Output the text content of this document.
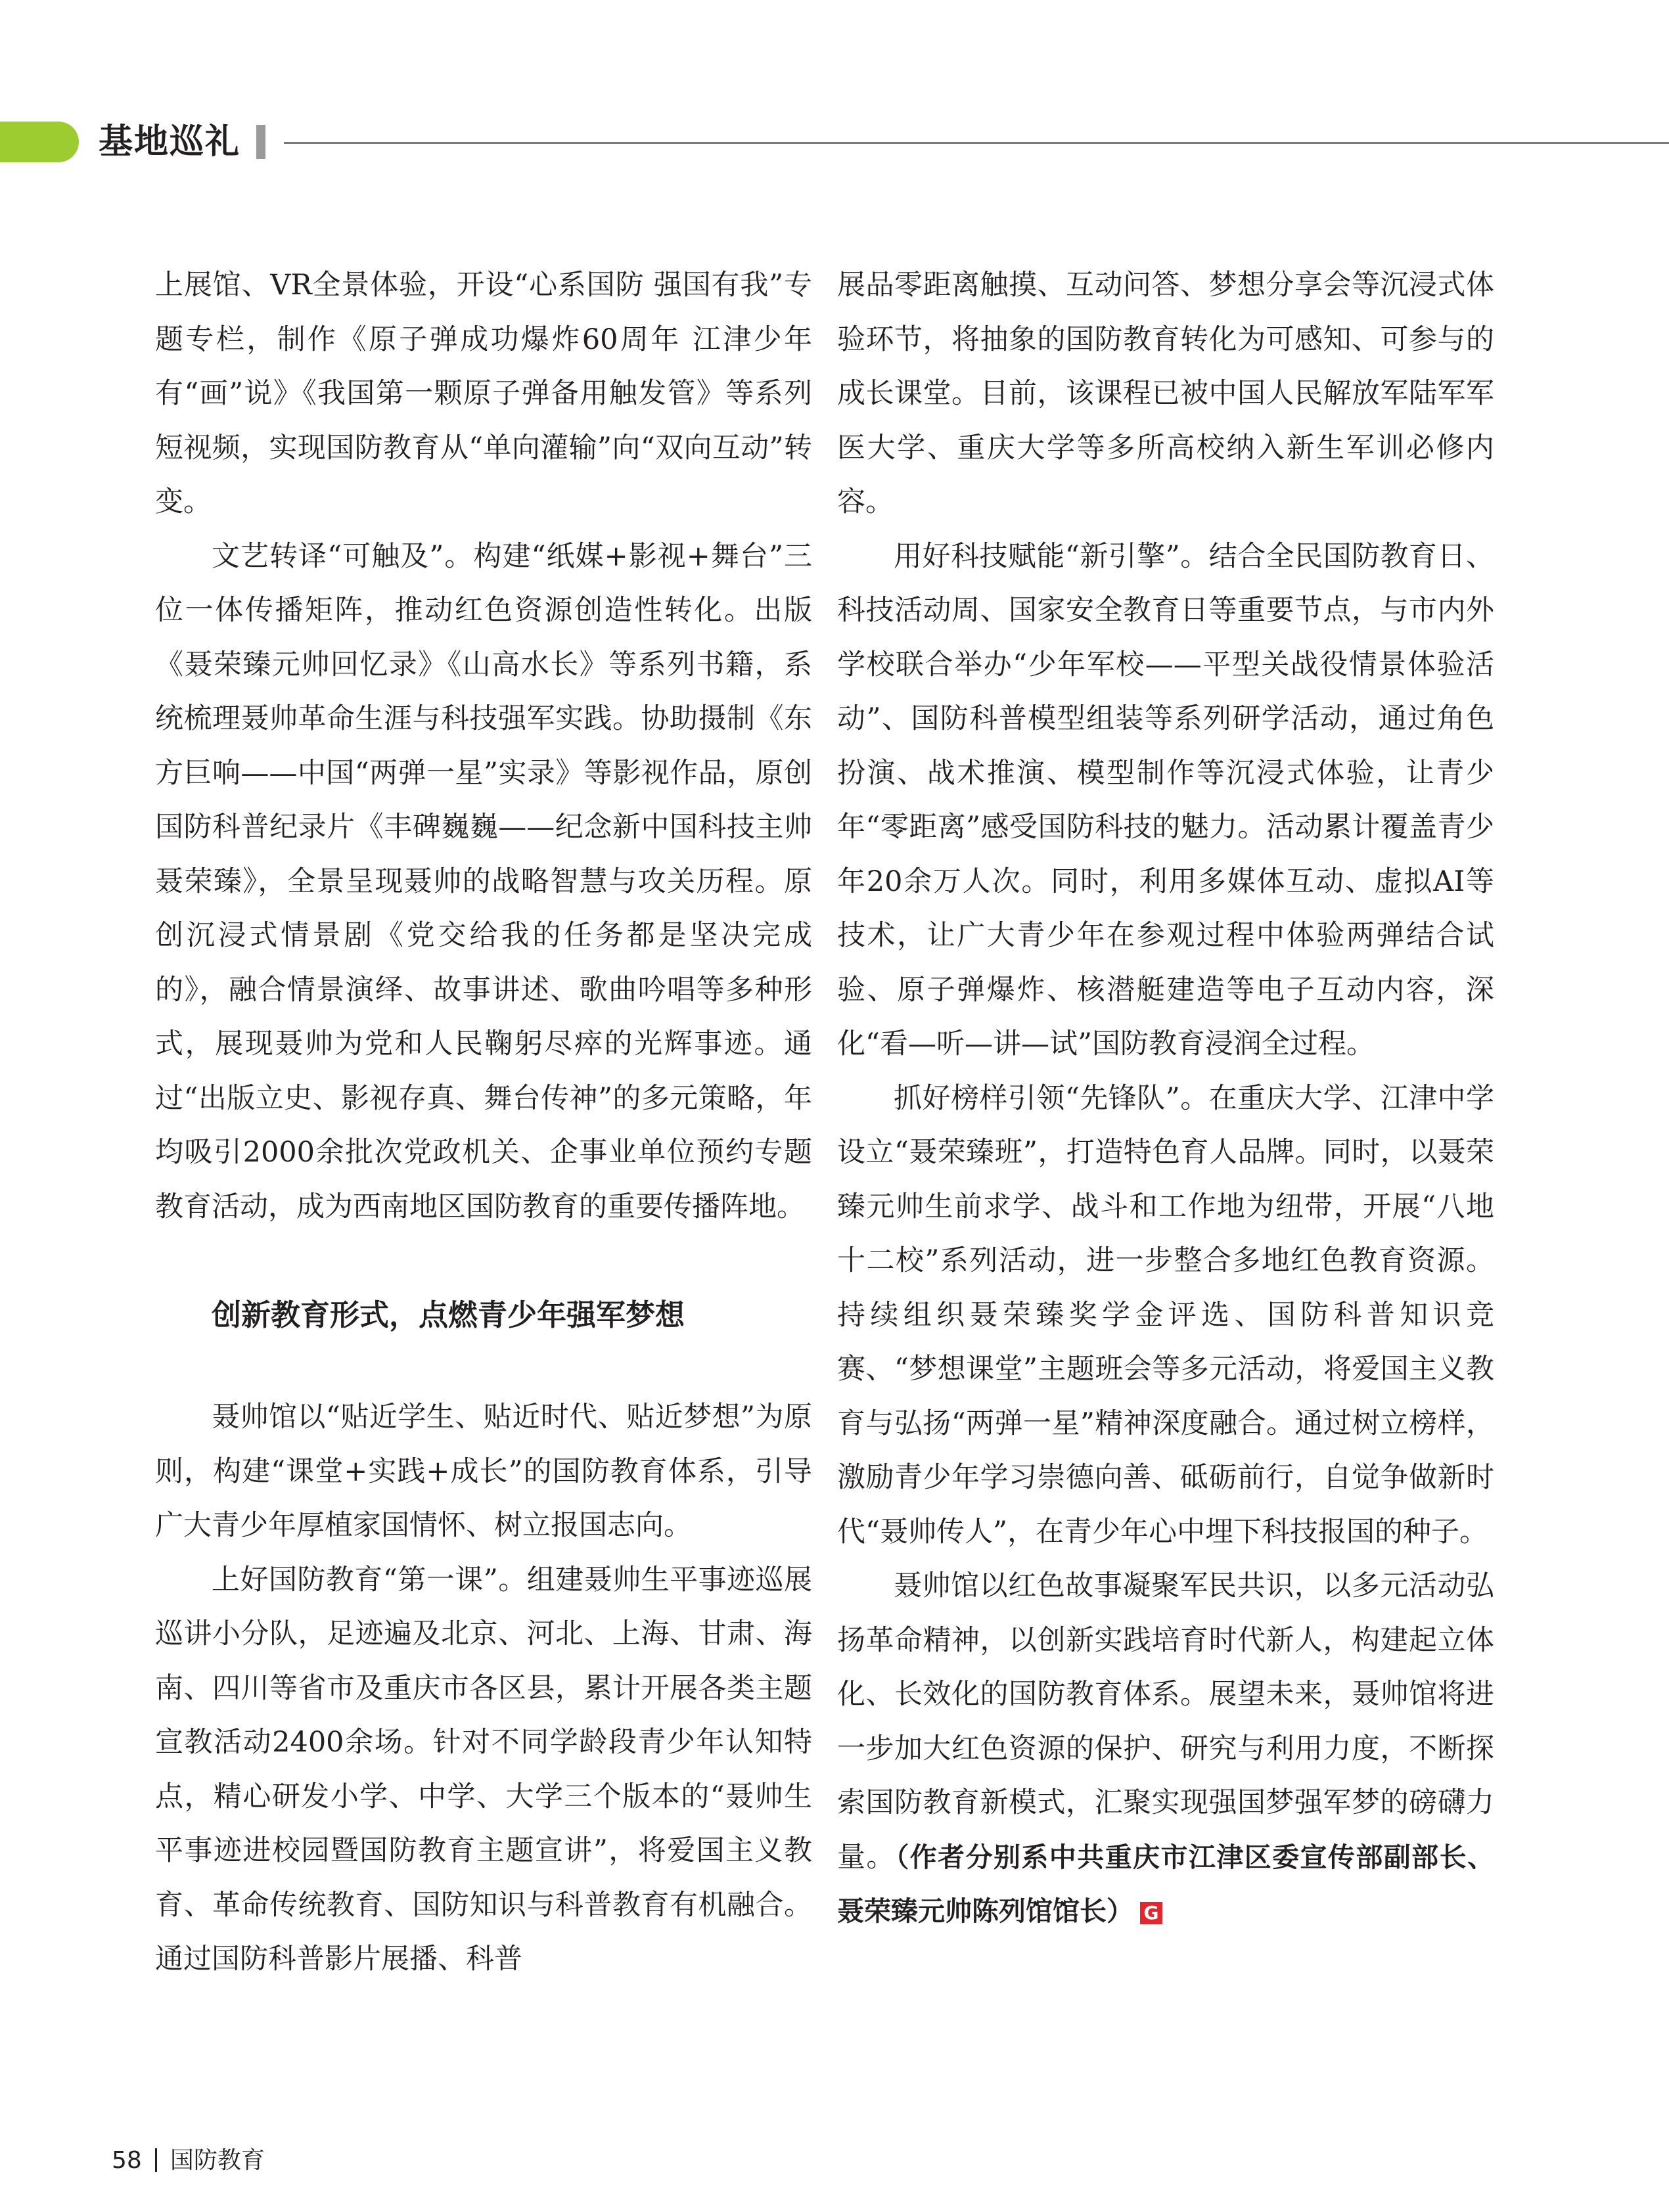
基地巡礼

上展馆、VR全景体验，开设“心系国防 强国有我”专题专栏，制作《原子弹成功爆炸60周年 江津少年有“画”说》《我国第一颗原子弹备用触发管》等系列短视频，实现国防教育从“单向灌输”向“双向互动”转变。

文艺转译“可触及”。构建“纸媒+影视+舞台”三位一体传播矩阵，推动红色资源创造性转化。出版《聂荣臻元帅回忆录》《山高水长》等系列书籍，系统梳理聂帅革命生涯与科技强军实践。协助摄制《东方巨响——中国“两弹一星”实录》等影视作品，原创国防科普纪录片《丰碑巍巍——纪念新中国科技主帅聂荣臻》，全景呈现聂帅的战略智慧与攻关历程。原创沉浸式情景剧《党交给我的任务都是坚决完成的》，融合情景演绎、故事讲述、歌曲吟唱等多种形式，展现聂帅为党和人民鞠躬尽瘁的光辉事迹。通过“出版立史、影视存真、舞台传神”的多元策略，年均吸引2000余批次党政机关、企事业单位预约专题教育活动，成为西南地区国防教育的重要传播阵地。

创新教育形式，点燃青少年强军梦想

聂帅馆以“贴近学生、贴近时代、贴近梦想”为原则，构建“课堂+实践+成长”的国防教育体系，引导广大青少年厚植家国情怀、树立报国志向。

上好国防教育“第一课”。组建聂帅生平事迹巡展巡讲小分队，足迹遍及北京、河北、上海、甘肃、海南、四川等省市及重庆市各区县，累计开展各类主题宣教活动2400余场。针对不同学龄段青少年认知特点，精心研发小学、中学、大学三个版本的“聂帅生平事迹进校园暨国防教育主题宣讲”，将爱国主义教育、革命传统教育、国防知识与科普教育有机融合。通过国防科普影片展播、科普

展品零距离触摸、互动问答、梦想分享会等沉浸式体验环节，将抽象的国防教育转化为可感知、可参与的成长课堂。目前，该课程已被中国人民解放军陆军军医大学、重庆大学等多所高校纳入新生军训必修内容。

用好科技赋能“新引擎”。结合全民国防教育日、科技活动周、国家安全教育日等重要节点，与市内外学校联合举办“少年军校——平型关战役情景体验活动”、国防科普模型组装等系列研学活动，通过角色扮演、战术推演、模型制作等沉浸式体验，让青少年“零距离”感受国防科技的魅力。活动累计覆盖青少年20余万人次。同时，利用多媒体互动、虚拟AI等技术，让广大青少年在参观过程中体验两弹结合试验、原子弹爆炸、核潜艇建造等电子互动内容，深化“看—听—讲—试”国防教育浸润全过程。

抓好榜样引领“先锋队”。在重庆大学、江津中学设立“聂荣臻班”，打造特色育人品牌。同时，以聂荣臻元帅生前求学、战斗和工作地为纽带，开展“八地十二校”系列活动，进一步整合多地红色教育资源。持续组织聂荣臻奖学金评选、国防科普知识竞赛、“梦想课堂”主题班会等多元活动，将爱国主义教育与弘扬“两弹一星”精神深度融合。通过树立榜样，激励青少年学习崇德向善、砥砺前行，自觉争做新时代“聂帅传人”，在青少年心中埋下科技报国的种子。

聂帅馆以红色故事凝聚军民共识，以多元活动弘扬革命精神，以创新实践培育时代新人，构建起立体化、长效化的国防教育体系。展望未来，聂帅馆将进一步加大红色资源的保护、研究与利用力度，不断探索国防教育新模式，汇聚实现强国梦强军梦的磅礴力量。（作者分别系中共重庆市江津区委宣传部副部长、聂荣臻元帅陈列馆馆长） G

58 国防教育
